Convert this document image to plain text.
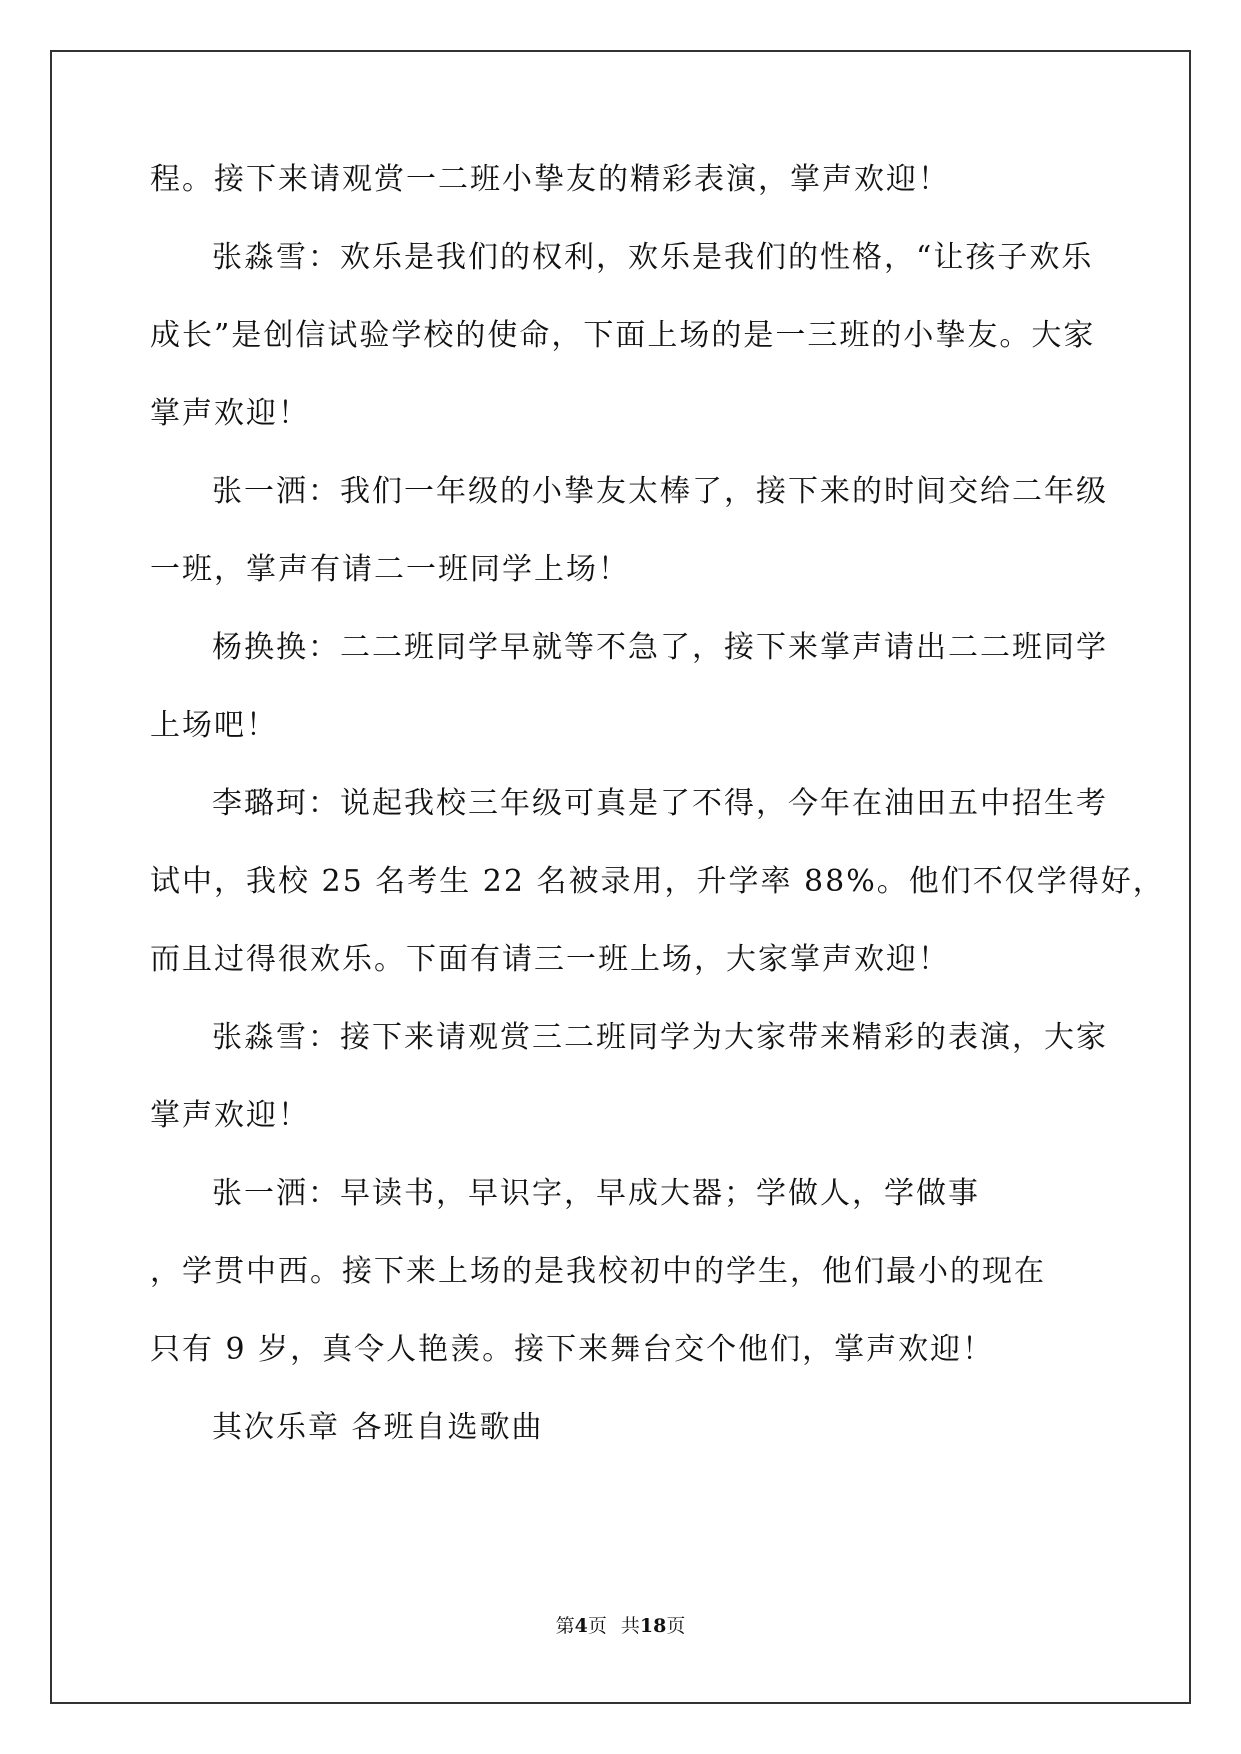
程。接下来请观赏一二班小挚友的精彩表演，掌声欢迎！
张淼雪：欢乐是我们的权利，欢乐是我们的性格，“让孩子欢乐
成长”是创信试验学校的使命，下面上场的是一三班的小挚友。大家
掌声欢迎！
张一洒：我们一年级的小挚友太棒了，接下来的时间交给二年级
一班，掌声有请二一班同学上场！
杨换换：二二班同学早就等不急了，接下来掌声请出二二班同学
上场吧！
李璐珂：说起我校三年级可真是了不得，今年在油田五中招生考
试中，我校 25 名考生 22 名被录用，升学率 88%。他们不仅学得好，
而且过得很欢乐。下面有请三一班上场，大家掌声欢迎！
张淼雪：接下来请观赏三二班同学为大家带来精彩的表演，大家
掌声欢迎！
张一洒：早读书，早识字，早成大器；学做人，学做事
，学贯中西。接下来上场的是我校初中的学生，他们最小的现在
只有 9 岁，真令人艳羡。接下来舞台交个他们，掌声欢迎！
其次乐章 各班自选歌曲
第4页 共18页
